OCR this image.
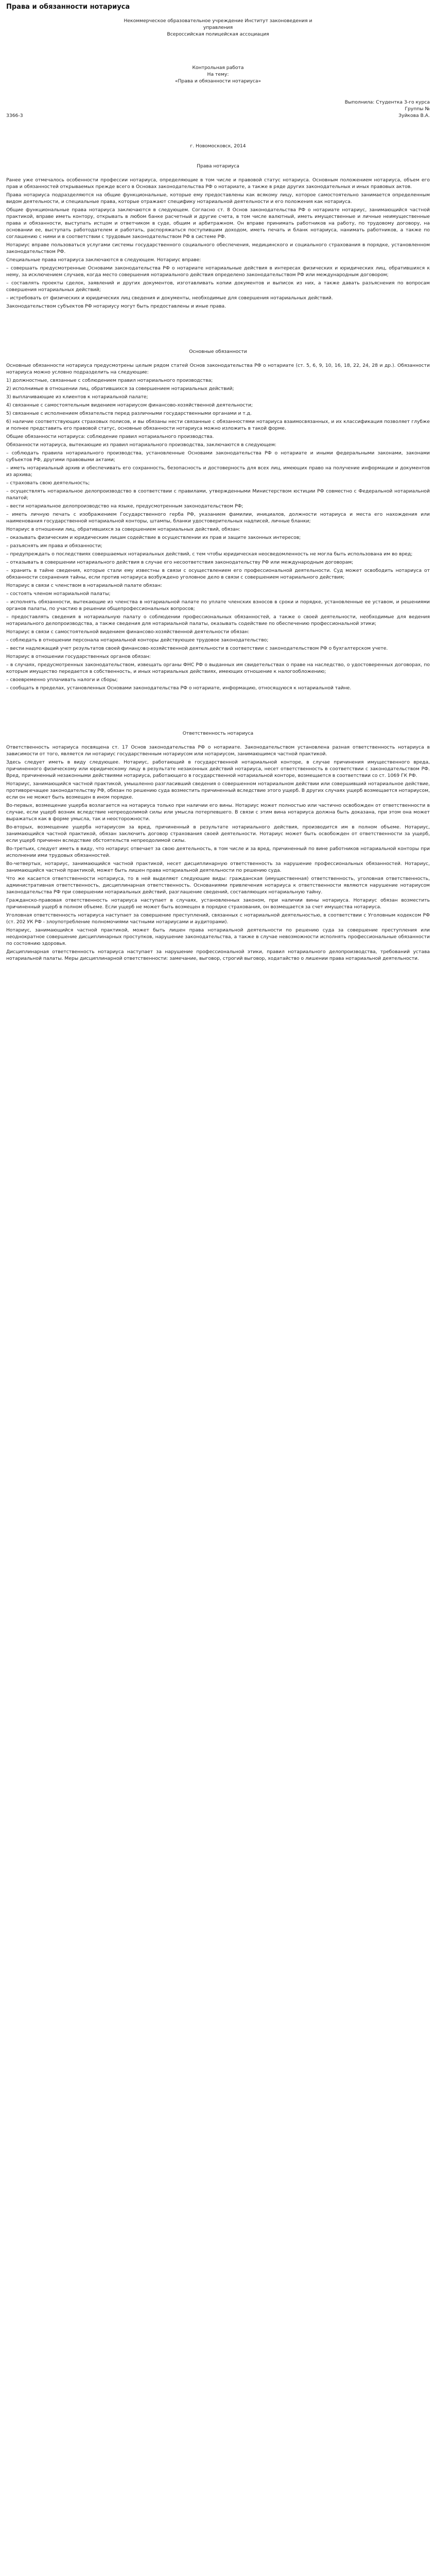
Права и обязанности нотариуса
Некоммерческое образовательное учреждение Институт законоведения и
управления
Всероссийская полицейская ассоциация
Контрольная работа
На тему:
«Права и обязанности нотариуса»
Выполнила: Студентка 3-го курса
Группы №
3366-3	Зуйкова В.А.
г. Новомосковск, 2014
Права нотариуса

Ранее уже отмечалось особенности профессии нотариуса, определяющие в том числе и правовой статус нотариуса. Основным положением нотариуса, объем его прав и обязанностей открываемых прежде всего в Основах законодательства РФ о нотариате, а также в ряде других законодательных и иных правовых актов.

Права нотариуса подразделяются на общие функциональные, которые ему предоставлены как всякому лицу, которое самостоятельно занимается определенным видом деятельности, и специальные права, которые отражают специфику нотариальной деятельности и его положения как нотариуса.

Общие функциональные права нотариуса заключаются в следующем. Согласно ст. 8 Основ законодательства РФ о нотариате нотариус, занимающийся частной практикой, вправе иметь контору, открывать в любом банке расчетный и другие счета, в том числе валютный, иметь имущественные и личные неимущественные права и обязанности, выступать истцом и ответчиком в суде, общим и арбитражном. Он вправе принимать работников на работу, по трудовому договору, на основании ее, выступать работодателем и работать, распоряжаться поступившим доходом, иметь печать и бланк нотариуса, нанимать работников, а также по соглашению с ними и в соответствии с трудовым законодательством РФ в системе РФ.

Нотариус вправе пользоваться услугами системы государственного социального обеспечения, медицинского и социального страхования в порядке, установленном законодательством РФ.

Специальные права нотариуса заключаются в следующем. Нотариус вправе:

– совершать предусмотренные Основами законодательства РФ о нотариате нотариальные действия в интересах физических и юридических лиц, обратившихся к нему, за исключением случаев, когда место совершения нотариального действия определено законодательством РФ или международным договором;

– составлять проекты сделок, заявлений и других документов, изготавливать копии документов и выписок из них, а также давать разъяснения по вопросам совершения нотариальных действий;

– истребовать от физических и юридических лиц сведения и документы, необходимые для совершения нотариальных действий.

Законодательством субъектов РФ нотариусу могут быть предоставлены и иные права.

Основные обязанности

Основные обязанности нотариуса предусмотрены целым рядом статей Основ законодательства РФ о нотариате (ст. 5, 6, 9, 10, 16, 18, 22, 24, 28 и др.). Обязанности нотариуса можно условно подразделить на следующие:

1) должностные, связанные с соблюдением правил нотариального производства;

2) исполнимые в отношении лиц, обратившихся за совершением нотариальных действий;

3) выплачивающие из клиентов к нотариальной палате;

4) связанные с самостоятельным видением нотариусом финансово-хозяйственной деятельности;

5) связанные с исполнением обязательств перед различными государственными органами и т.д.

6) наличие соответствующих страховых полисов, и вы обязаны нести связанные с обязанностями нотариуса взаимосвязанных, и их классификация позволяет глубже и полнее представить его правовой статус, основные обязанности нотариуса можно изложить в такой форме.

Общие обязанности нотариуса: соблюдение правил нотариального производства.

Обязанности нотариуса, вытекающие из правил нотариального производства, заключаются в следующем:

– соблюдать правила нотариального производства, установленные Основами законодательства РФ о нотариате и иными федеральными законами, законами субъектов РФ, другими правовыми актами;

– иметь нотариальный архив и обеспечивать его сохранность, безопасность и достоверность для всех лиц, имеющих право на получение информации и документов из архива;

– страховать свою деятельность;

– осуществлять нотариальное делопроизводство в соответствии с правилами, утвержденными Министерством юстиции РФ совместно с Федеральной нотариальной палатой;

– вести нотариальное делопроизводство на языке, предусмотренным законодательством РФ;

– иметь личную печать с изображением Государственного герба РФ, указанием фамилии, инициалов, должности нотариуса и места его нахождения или наименования государственной нотариальной конторы, штампы, бланки удостоверительных надписей, личные бланки;

Нотариус в отношении лиц, обратившихся за совершением нотариальных действий, обязан:

– оказывать физическим и юридическим лицам содействие в осуществлении их прав и защите законных интересов;

– разъяснять им права и обязанности;

– предупреждать о последствиях совершаемых нотариальных действий, с тем чтобы юридическая неосведомленность не могла быть использована им во вред;

– отказывать в совершении нотариального действия в случае его несоответствия законодательству РФ или международным договорам;

– хранить в тайне сведения, которые стали ему известны в связи с осуществлением его профессиональной деятельности. Суд может освободить нотариуса от обязанности сохранения тайны, если против нотариуса возбуждено уголовное дело в связи с совершением нотариального действия;

Нотариус в связи с членством в нотариальной палате обязан:

– состоять членом нотариальной палаты;

– исполнять обязанности, вытекающие из членства в нотариальной палате по уплате членских взносов в сроки и порядке, установленные ее уставом, и решениями органов палаты, по участию в решении общепрофессиональных вопросов;

– предоставлять сведения в нотариальную палату о соблюдении профессиональных обязанностей, а также о своей деятельности, необходимые для ведения нотариального делопроизводства, а также сведения для нотариальной палаты, оказывать содействие по обеспечению профессиональной этики;

Нотариус в связи с самостоятельной видением финансово-хозяйственной деятельности обязан:

– соблюдать в отношении персонала нотариальной конторы действующее трудовое законодательство;

– вести надлежащий учет результатов своей финансово-хозяйственной деятельности в соответствии с законодательством РФ о бухгалтерском учете.

Нотариус в отношении государственных органов обязан:

– в случаях, предусмотренных законодательством, извещать органы ФНС РФ о выданных им свидетельствах о праве на наследство, о удостоверенных договорах, по которым имущество передается в собственность, и иных нотариальных действиях, имеющих отношение к налогообложению;

– своевременно уплачивать налоги и сборы;

– сообщать в пределах, установленных Основами законодательства РФ о нотариате, информацию, относящуюся к нотариальной тайне.

Ответственность нотариуса

Ответственность нотариуса посвящена ст. 17 Основ законодательства РФ о нотариате. Законодательством установлена разная ответственность нотариуса в зависимости от того, является ли нотариус государственным нотариусом или нотариусом, занимающимся частной практикой.

Здесь следует иметь в виду следующее. Нотариус, работающий в государственной нотариальной конторе, в случае причинения имущественного вреда, причиненного физическому или юридическому лицу в результате незаконных действий нотариуса, несет ответственность в соответствии с законодательством РФ. Вред, причиненный незаконными действиями нотариуса, работающего в государственной нотариальной конторе, возмещается в соответствии со ст. 1069 ГК РФ.

Нотариус, занимающийся частной практикой, умышленно разгласивший сведения о совершенном нотариальном действии или совершивший нотариальное действие, противоречащее законодательству РФ, обязан по решению суда возместить причиненный вследствие этого ущерб. В других случаях ущерб возмещается нотариусом, если он не может быть возмещен в ином порядке.

Во-первых, возмещение ущерба возлагается на нотариуса только при наличии его вины. Нотариус может полностью или частично освобожден от ответственности в случае, если ущерб возник вследствие непреодолимой силы или умысла потерпевшего. В связи с этим вина нотариуса должна быть доказана, при этом она может выражаться как в форме умысла, так и неосторожности.

Во-вторых, возмещение ущерба нотариусом за вред, причиненный в результате нотариального действия, производится им в полном объеме. Нотариус, занимающийся частной практикой, обязан заключить договор страхования своей деятельности. Нотариус может быть освобожден от ответственности за ущерб, если ущерб причинен вследствие обстоятельств непреодолимой силы.

Во-третьих, следует иметь в виду, что нотариус отвечает за свою деятельность, в том числе и за вред, причиненный по вине работников нотариальной конторы при исполнении ими трудовых обязанностей.

Во-четвертых, нотариус, занимающийся частной практикой, несет дисциплинарную ответственность за нарушение профессиональных обязанностей. Нотариус, занимающийся частной практикой, может быть лишен права нотариальной деятельности по решению суда.

Что же касается ответственности нотариуса, то в ней выделяют следующие виды: гражданская (имущественная) ответственность, уголовная ответственность, административная ответственность, дисциплинарная ответственность. Основаниями привлечения нотариуса к ответственности являются нарушение нотариусом законодательства РФ при совершении нотариальных действий, разглашение сведений, составляющих нотариальную тайну.

Гражданско-правовая ответственность нотариуса наступает в случаях, установленных законом, при наличии вины нотариуса. Нотариус обязан возместить причиненный ущерб в полном объеме. Если ущерб не может быть возмещен в порядке страхования, он возмещается за счет имущества нотариуса.

Уголовная ответственность нотариуса наступает за совершение преступлений, связанных с нотариальной деятельностью, в соответствии с Уголовным кодексом РФ (ст. 202 УК РФ - злоупотребление полномочиями частными нотариусами и аудиторами).

Нотариус, занимающийся частной практикой, может быть лишен права нотариальной деятельности по решению суда за совершение преступления или неоднократное совершение дисциплинарных проступков, нарушение законодательства, а также в случае невозможности исполнять профессиональные обязанности по состоянию здоровья.

Дисциплинарная ответственность нотариуса наступает за нарушение профессиональной этики, правил нотариального делопроизводства, требований устава нотариальной палаты. Меры дисциплинарной ответственности: замечание, выговор, строгий выговор, ходатайство о лишении права нотариальной деятельности.
